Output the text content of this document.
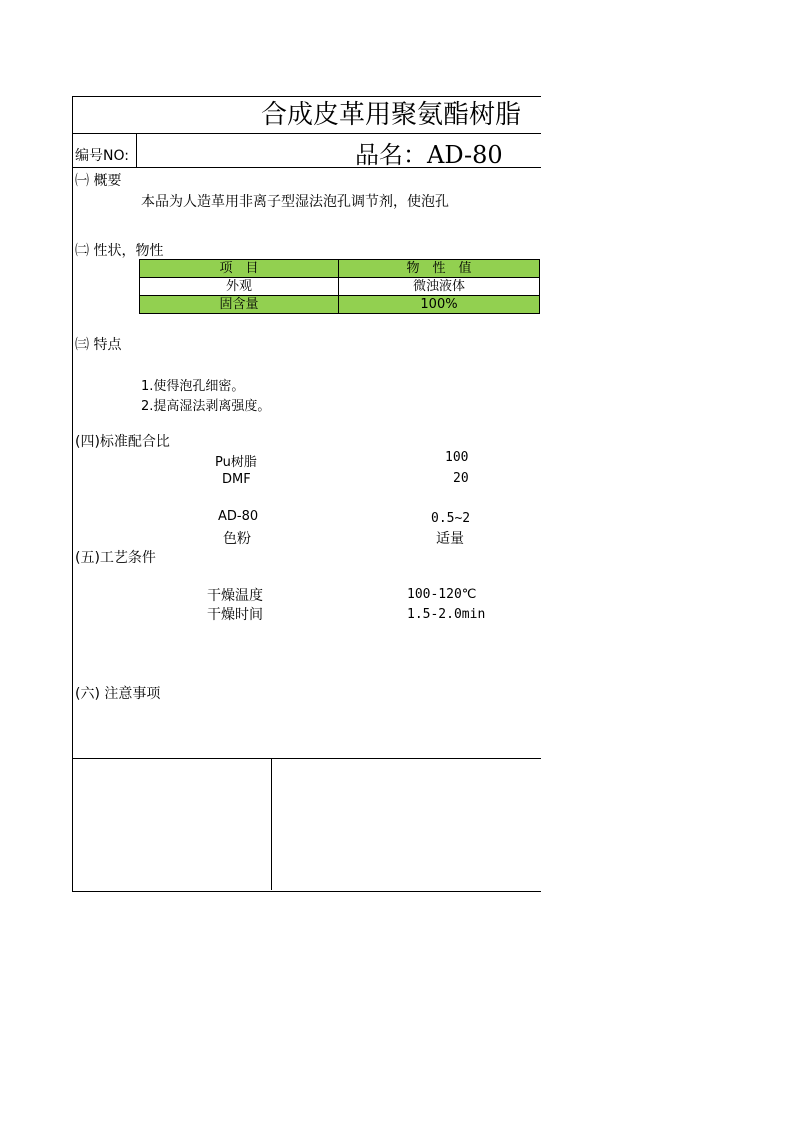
合成皮革用聚氨酯树脂
编号NO:	品名：AD-80
㈠ 概要
本品为人造革用非离子型湿法泡孔调节剂，使泡孔
㈡ 性状，物性
项　目	物　性　值
外观	微浊液体
固含量	100%
㈢ 特点
1.使得泡孔细密。
2.提高湿法剥离强度。
(四)标准配合比
Pu树脂	100
DMF	20
AD-80	0.5~2
色粉	适量
(五)工艺条件
干燥温度	100-120℃
干燥时间	1.5-2.0min
(六) 注意事项
